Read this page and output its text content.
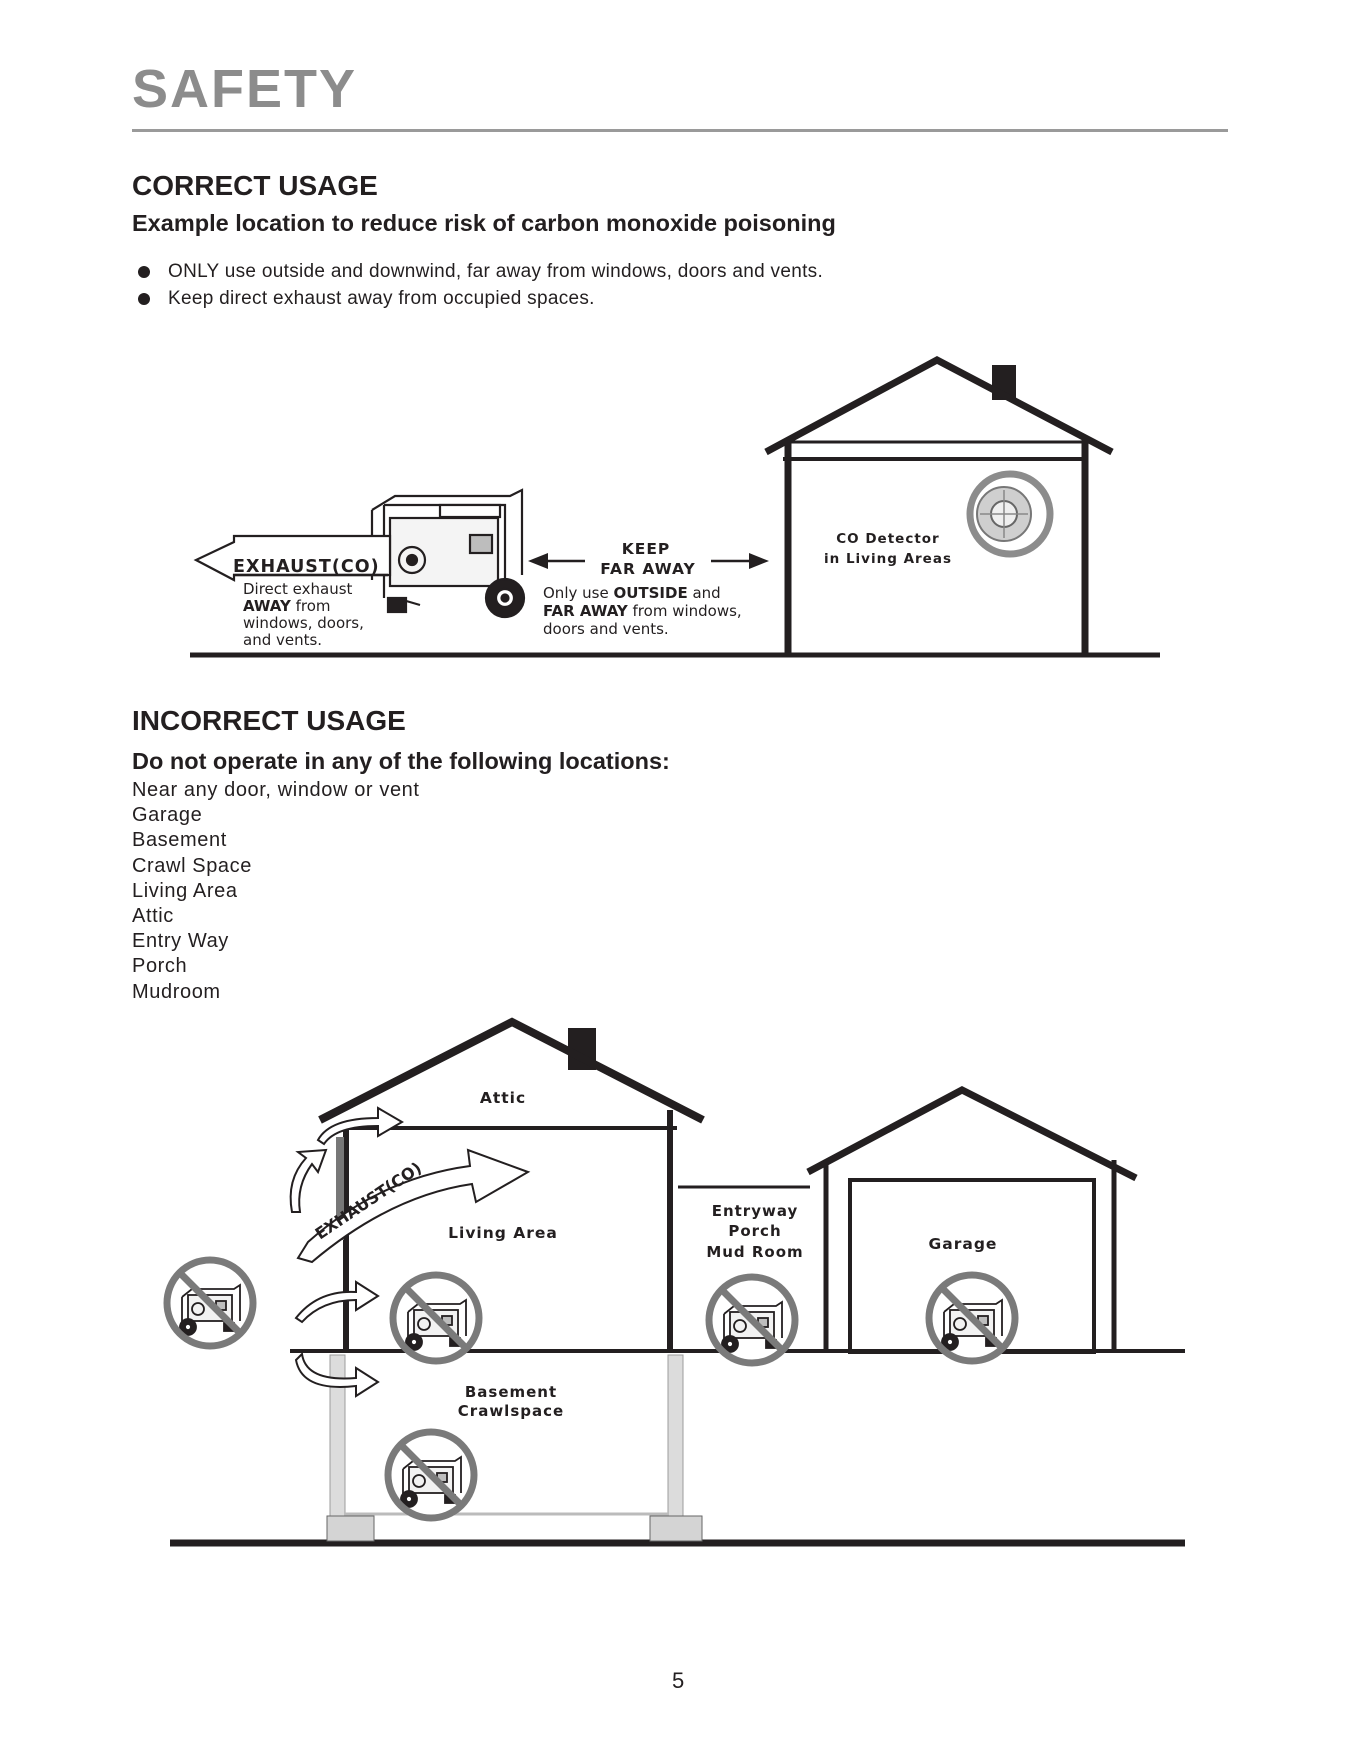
SAFETY
CORRECT USAGE
Example location to reduce risk of carbon monoxide poisoning
ONLY use outside and downwind, far away from windows, doors and vents.
Keep direct exhaust away from occupied spaces.
CO Detector
in Living Areas
EXHAUST(CO)
Direct exhaust
AWAY from
windows, doors,
and vents.
KEEP
FAR AWAY
Only use OUTSIDE and
FAR AWAY from windows,
doors and vents.
INCORRECT USAGE
Do not operate in any of the following locations:
Near any door, window or vent
Garage
Basement
Crawl Space
Living Area
Attic
Entry Way
Porch
Mudroom
EXHAUST(CO)
Attic
Living Area
Entryway
Porch
Mud Room	Garage
Basement
Crawlspace
5
